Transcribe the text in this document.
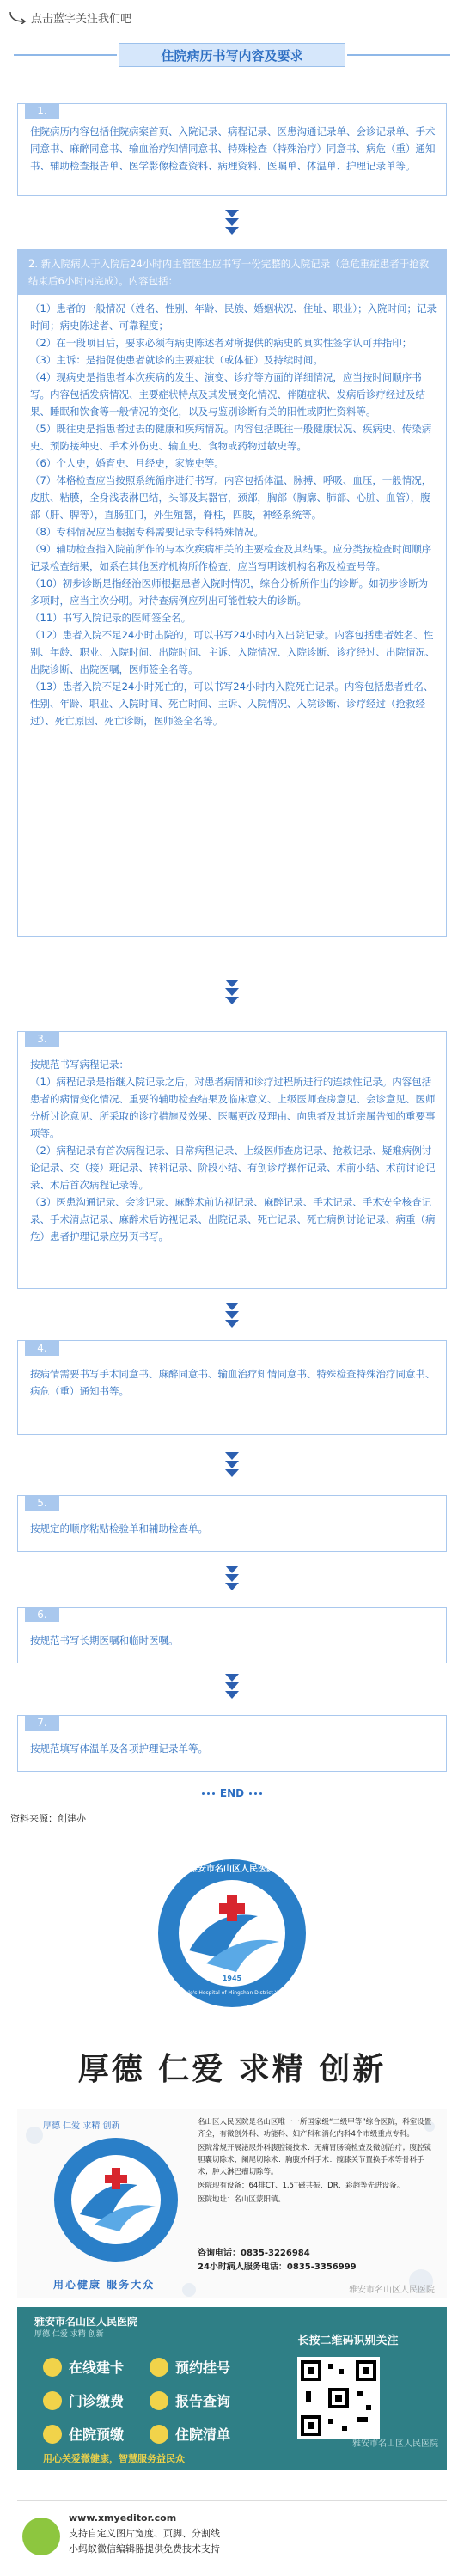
点击蓝字关注我们吧
住院病历书写内容及要求
1.

住院病历内容包括住院病案首页、入院记录、病程记录、医患沟通记录单、会诊记录单、手术同意书、麻醉同意书、输血治疗知情同意书、特殊检查（特殊治疗）同意书、病危（重）通知书、辅助检查报告单、医学影像检查资料、病理资料、医嘱单、体温单、护理记录单等。

2. 新入院病人于入院后24小时内主管医生应书写一份完整的入院记录（急危重症患者于抢救结束后6小时内完成）。内容包括：

（1）患者的一般情况（姓名、性别、年龄、民族、婚姻状况、住址、职业）；入院时间；记录时间；病史陈述者、可靠程度；

（2）在一段项目后，要求必须有病史陈述者对所提供的病史的真实性签字认可并指印；

（3）主诉：是指促使患者就诊的主要症状（或体征）及持续时间。

（4）现病史是指患者本次疾病的发生、演变、诊疗等方面的详细情况，应当按时间顺序书写。内容包括发病情况、主要症状特点及其发展变化情况、伴随症状、发病后诊疗经过及结果、睡眠和饮食等一般情况的变化，以及与鉴别诊断有关的阳性或阴性资料等。

（5）既往史是指患者过去的健康和疾病情况。内容包括既往一般健康状况、疾病史、传染病史、预防接种史、手术外伤史、输血史、食物或药物过敏史等。

（6）个人史，婚育史、月经史，家族史等。

（7）体格检查应当按照系统循序进行书写。内容包括体温、脉搏、呼吸、血压，一般情况，皮肤、粘膜，全身浅表淋巴结，头部及其器官，颈部，胸部（胸廓、肺部、心脏、血管），腹部（肝、脾等），直肠肛门，外生殖器，脊柱，四肢，神经系统等。

（8）专科情况应当根据专科需要记录专科特殊情况。

（9）辅助检查指入院前所作的与本次疾病相关的主要检查及其结果。应分类按检查时间顺序记录检查结果，如系在其他医疗机构所作检查，应当写明该机构名称及检查号等。

（10）初步诊断是指经治医师根据患者入院时情况，综合分析所作出的诊断。如初步诊断为多项时，应当主次分明。对待查病例应列出可能性较大的诊断。

（11）书写入院记录的医师签全名。

（12）患者入院不足24小时出院的，可以书写24小时内入出院记录。内容包括患者姓名、性别、年龄、职业、入院时间、出院时间、主诉、入院情况、入院诊断、诊疗经过、出院情况、出院诊断、出院医嘱，医师签全名等。

（13）患者入院不足24小时死亡的，可以书写24小时内入院死亡记录。内容包括患者姓名、性别、年龄、职业、入院时间、死亡时间、主诉、入院情况、入院诊断、诊疗经过（抢救经过）、死亡原因、死亡诊断，医师签全名等。

3.

按规范书写病程记录：

（1）病程记录是指继入院记录之后，对患者病情和诊疗过程所进行的连续性记录。内容包括患者的病情变化情况、重要的辅助检查结果及临床意义、上级医师查房意见、会诊意见、医师分析讨论意见、所采取的诊疗措施及效果、医嘱更改及理由、向患者及其近亲属告知的重要事项等。

（2）病程记录有首次病程记录、日常病程记录、上级医师查房记录、抢救记录、疑难病例讨论记录、交（接）班记录、转科记录、阶段小结、有创诊疗操作记录、术前小结、术前讨论记录、术后首次病程记录等。

（3）医患沟通记录、会诊记录、麻醉术前访视记录、麻醉记录、手术记录、手术安全核查记录、手术清点记录、麻醉术后访视记录、出院记录、死亡记录、死亡病例讨论记录、病重（病危）患者护理记录应另页书写。

4.

按病情需要书写手术同意书、麻醉同意书、输血治疗知情同意书、特殊检查特殊治疗同意书、病危（重）通知书等。

5.

按规定的顺序粘贴检验单和辅助检查单。

6.

按规范书写长期医嘱和临时医嘱。

7.

按规范填写体温单及各项护理记录单等。

END
资料来源：创建办
雅安市名山区人民医院
People's Hospital of Mingshan District Ya'an
1945
厚德 仁爱 求精 创新
厚德 仁爱 求精 创新
用心健康 服务大众

名山区人民医院是名山区唯一一所国家级“二级甲等”综合医院，科室设置齐全，有微创外科、功能科、妇产科和消化内科4个市级重点专科。

医院常规开展泌尿外科腹腔镜技术：无痛胃肠镜检查及微创治疗；腹腔镜胆囊切除术、阑尾切除术：胸腹外科手术：髋膝关节置换手术等骨科手术；肿大淋巴瘤切除等。

医院现有设备：64排CT、1.5T磁共振、DR、彩超等先进设备。

医院地址：名山区蒙阳镇。

咨询电话：0835-3226984
24小时病人服务电话：0835-3356999
雅安市名山区人民医院
雅安市名山区人民医院
厚德 仁爱 求精 创新
在线建卡	预约挂号
门诊缴费	报告查询
住院预缴	住院清单
长按二维码识别关注
雅安市名山区人民医院
用心关爱微健康，智慧服务益民众
www.xmyeditor.com
支持自定义图片宽度、页脚、分割线
小蚂蚁微信编辑器提供免费技术支持
